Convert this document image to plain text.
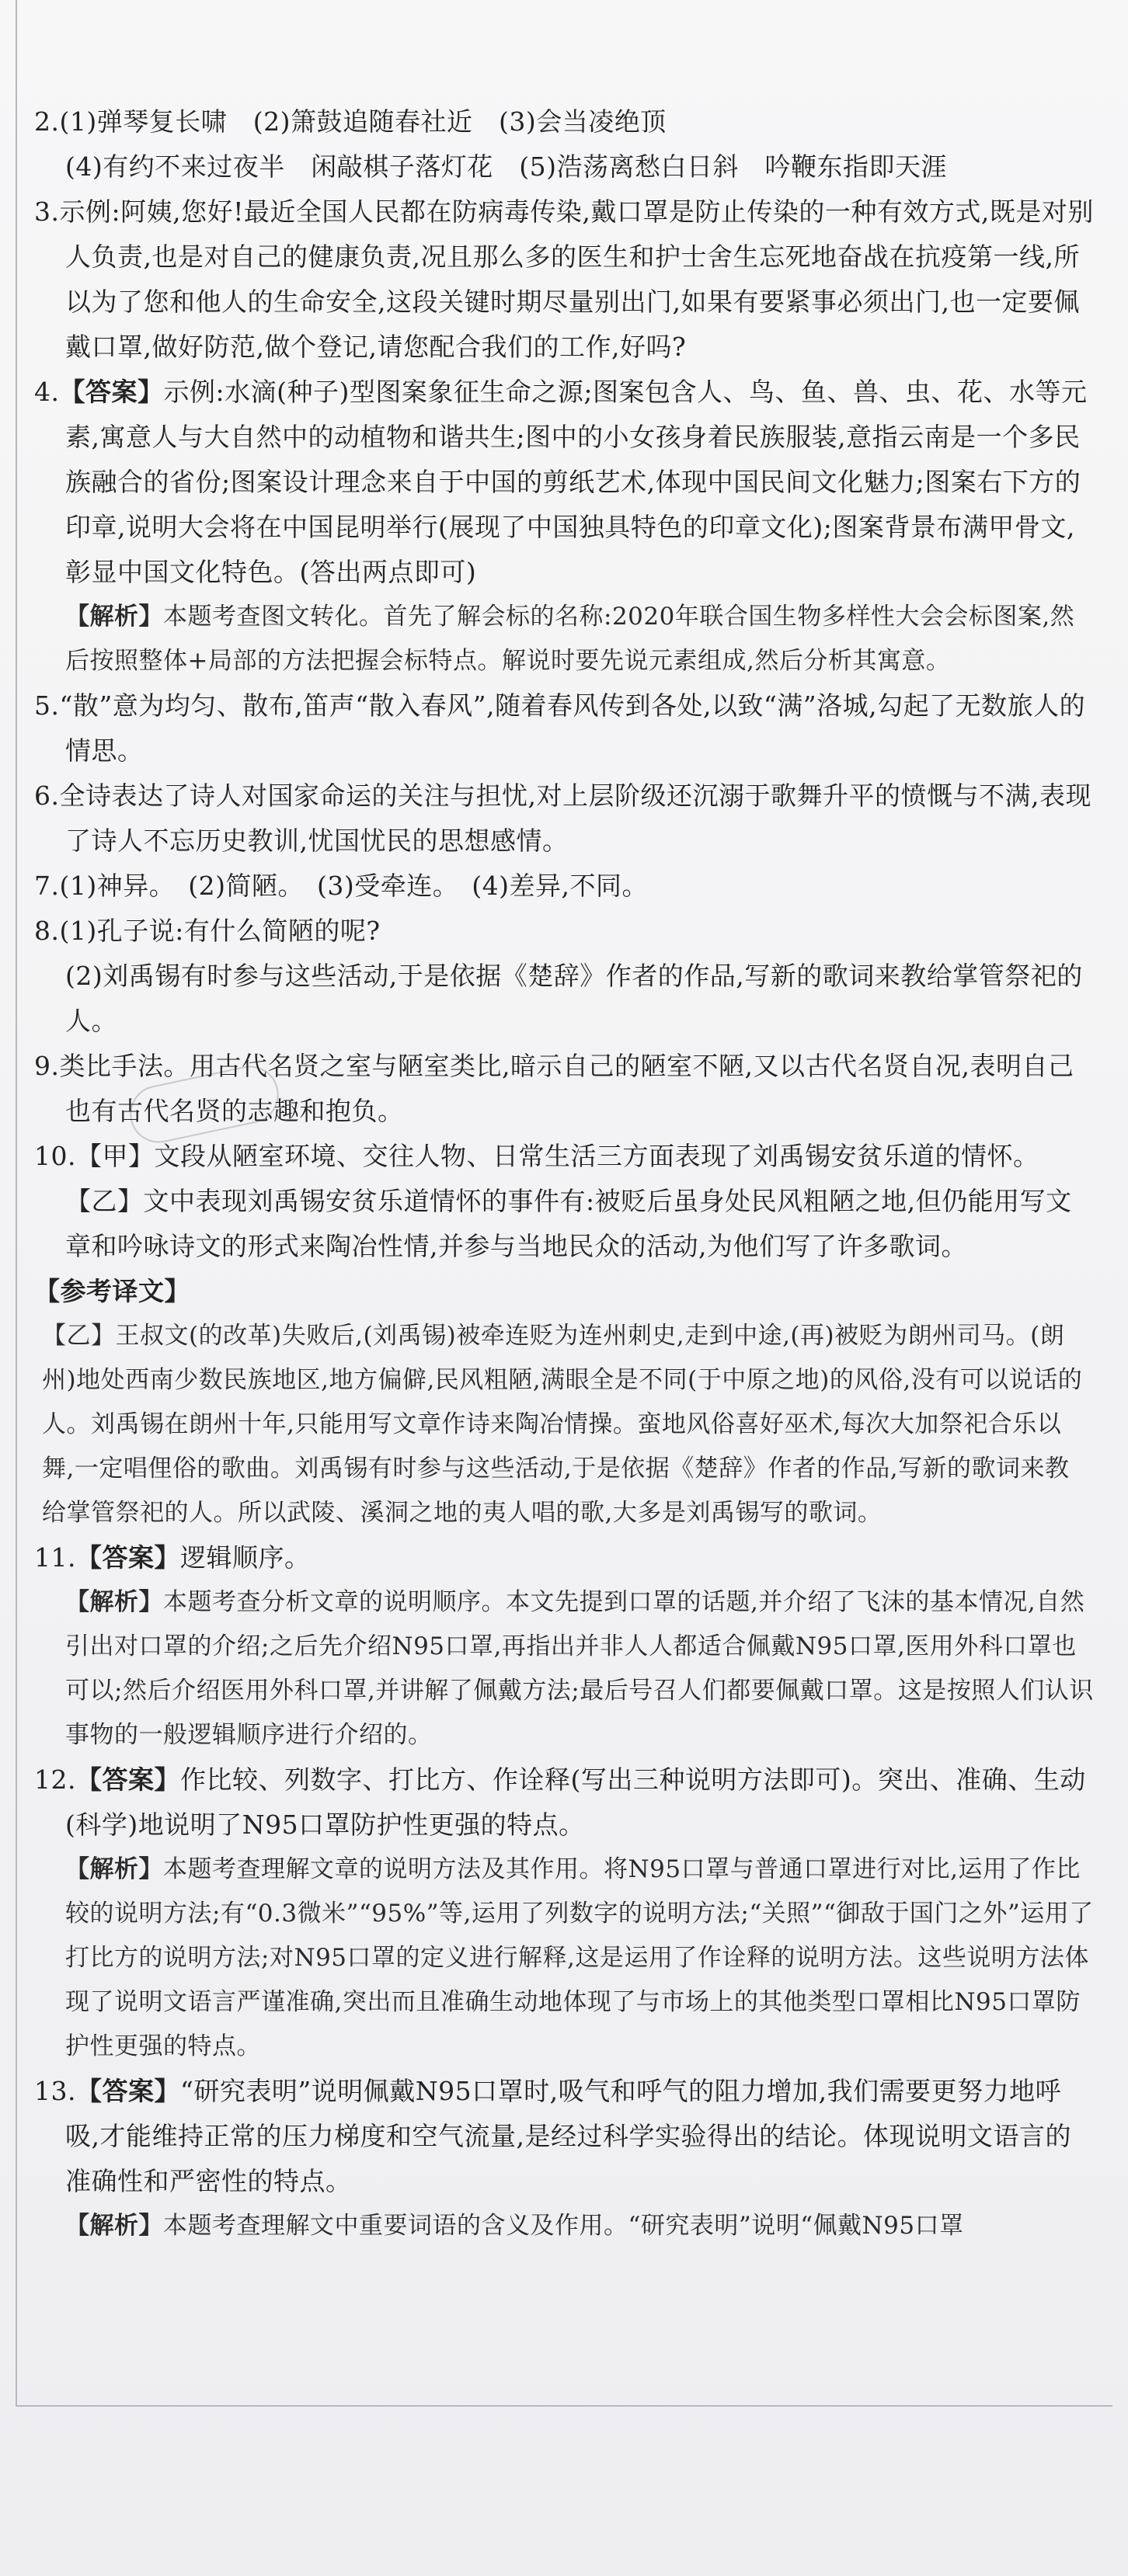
2.(1)弹琴复长啸　(2)箫鼓追随春社近　(3)会当凌绝顶

(4)有约不来过夜半　闲敲棋子落灯花　(5)浩荡离愁白日斜　吟鞭东指即天涯

3.示例:阿姨,您好!最近全国人民都在防病毒传染,戴口罩是防止传染的一种有效方式,既是对别人负责,也是对自己的健康负责,况且那么多的医生和护士舍生忘死地奋战在抗疫第一线,所以为了您和他人的生命安全,这段关键时期尽量别出门,如果有要紧事必须出门,也一定要佩戴口罩,做好防范,做个登记,请您配合我们的工作,好吗?

4.【答案】示例:水滴(种子)型图案象征生命之源;图案包含人、鸟、鱼、兽、虫、花、水等元素,寓意人与大自然中的动植物和谐共生;图中的小女孩身着民族服装,意指云南是一个多民族融合的省份;图案设计理念来自于中国的剪纸艺术,体现中国民间文化魅力;图案右下方的印章,说明大会将在中国昆明举行(展现了中国独具特色的印章文化);图案背景布满甲骨文,彰显中国文化特色。(答出两点即可)

【解析】本题考查图文转化。首先了解会标的名称:2020年联合国生物多样性大会会标图案,然后按照整体+局部的方法把握会标特点。解说时要先说元素组成,然后分析其寓意。

5.“散”意为均匀、散布,笛声“散入春风”,随着春风传到各处,以致“满”洛城,勾起了无数旅人的情思。

6.全诗表达了诗人对国家命运的关注与担忧,对上层阶级还沉溺于歌舞升平的愤慨与不满,表现了诗人不忘历史教训,忧国忧民的思想感情。

7.(1)神异。　(2)简陋。　(3)受牵连。　(4)差异,不同。

8.(1)孔子说:有什么简陋的呢?

(2)刘禹锡有时参与这些活动,于是依据《楚辞》作者的作品,写新的歌词来教给掌管祭祀的人。

9.类比手法。用古代名贤之室与陋室类比,暗示自己的陋室不陋,又以古代名贤自况,表明自己也有古代名贤的志趣和抱负。

10.【甲】文段从陋室环境、交往人物、日常生活三方面表现了刘禹锡安贫乐道的情怀。

【乙】文中表现刘禹锡安贫乐道情怀的事件有:被贬后虽身处民风粗陋之地,但仍能用写文章和吟咏诗文的形式来陶冶性情,并参与当地民众的活动,为他们写了许多歌词。

【参考译文】

【乙】王叔文(的改革)失败后,(刘禹锡)被牵连贬为连州刺史,走到中途,(再)被贬为朗州司马。(朗州)地处西南少数民族地区,地方偏僻,民风粗陋,满眼全是不同(于中原之地)的风俗,没有可以说话的人。刘禹锡在朗州十年,只能用写文章作诗来陶冶情操。蛮地风俗喜好巫术,每次大加祭祀合乐以舞,一定唱俚俗的歌曲。刘禹锡有时参与这些活动,于是依据《楚辞》作者的作品,写新的歌词来教给掌管祭祀的人。所以武陵、溪洞之地的夷人唱的歌,大多是刘禹锡写的歌词。

11.【答案】逻辑顺序。

【解析】本题考查分析文章的说明顺序。本文先提到口罩的话题,并介绍了飞沫的基本情况,自然引出对口罩的介绍;之后先介绍N95口罩,再指出并非人人都适合佩戴N95口罩,医用外科口罩也可以;然后介绍医用外科口罩,并讲解了佩戴方法;最后号召人们都要佩戴口罩。这是按照人们认识事物的一般逻辑顺序进行介绍的。

12.【答案】作比较、列数字、打比方、作诠释(写出三种说明方法即可)。突出、准确、生动(科学)地说明了N95口罩防护性更强的特点。

【解析】本题考查理解文章的说明方法及其作用。将N95口罩与普通口罩进行对比,运用了作比较的说明方法;有“0.3微米”“95%”等,运用了列数字的说明方法;“关照”“御敌于国门之外”运用了打比方的说明方法;对N95口罩的定义进行解释,这是运用了作诠释的说明方法。这些说明方法体现了说明文语言严谨准确,突出而且准确生动地体现了与市场上的其他类型口罩相比N95口罩防护性更强的特点。

13.【答案】“研究表明”说明佩戴N95口罩时,吸气和呼气的阻力增加,我们需要更努力地呼吸,才能维持正常的压力梯度和空气流量,是经过科学实验得出的结论。体现说明文语言的准确性和严密性的特点。

【解析】本题考查理解文中重要词语的含义及作用。“研究表明”说明“佩戴N95口罩
